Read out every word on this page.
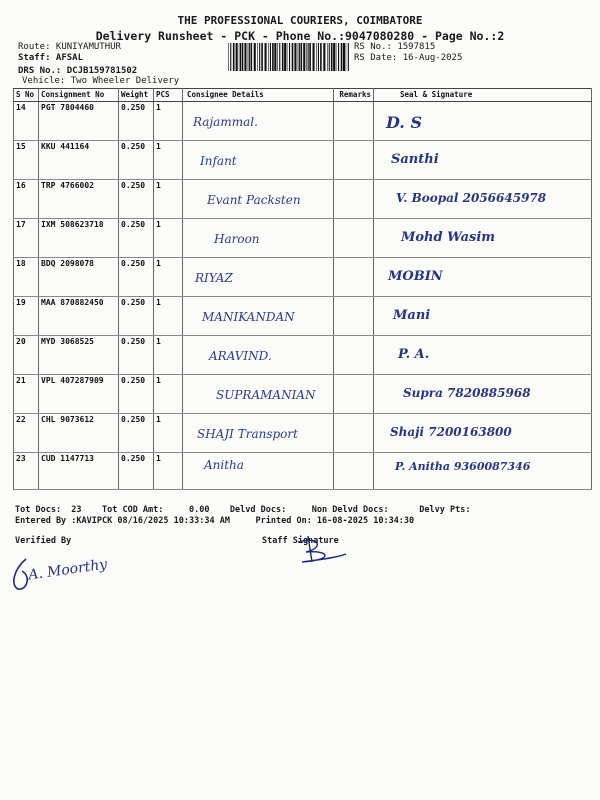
THE PROFESSIONAL COURIERS, COIMBATORE
Delivery Runsheet - PCK - Phone No.:9047080280 - Page No.:2
Route: KUNIYAMUTHUR
Staff: AFSAL
DRS No.: DCJB159781502
Vehicle: Two Wheeler Delivery
RS No.: 1597815
RS Date: 16-Aug-2025
S No	Consignment No	Weight	PCS	Consignee Details	Remarks	Seal & Signature
14	PGT 7804460	0.250	1	Rajammal.		D. S

15	KKU 441164	0.250	1	Infant		Santhi

16	TRP 4766002	0.250	1	Evant Packsten		V. Boopal 2056645978

17	IXM 508623718	0.250	1	Haroon		Mohd Wasim

18	BDQ 2098078	0.250	1	RIYAZ		MOBIN

19	MAA 870882450	0.250	1	MANIKANDAN		Mani

20	MYD 3068525	0.250	1	ARAVIND.		P. A.

21	VPL 407287909	0.250	1	SUPRAMANIAN		Supra 7820885968

22	CHL 9073612	0.250	1	SHAJI Transport		Shaji 7200163800

23	CUD 1147713	0.250	1	Anitha		P. Anitha 9360087346
Tot Docs:  23    Tot COD Amt:     0.00    Delvd Docs:     Non Delvd Docs:      Delvy Pts:
Entered By :KAVIPCK 08/16/2025 10:33:34 AM     Printed On: 16-08-2025 10:34:30
Verified By	Staff Signature
A. Moorthy
